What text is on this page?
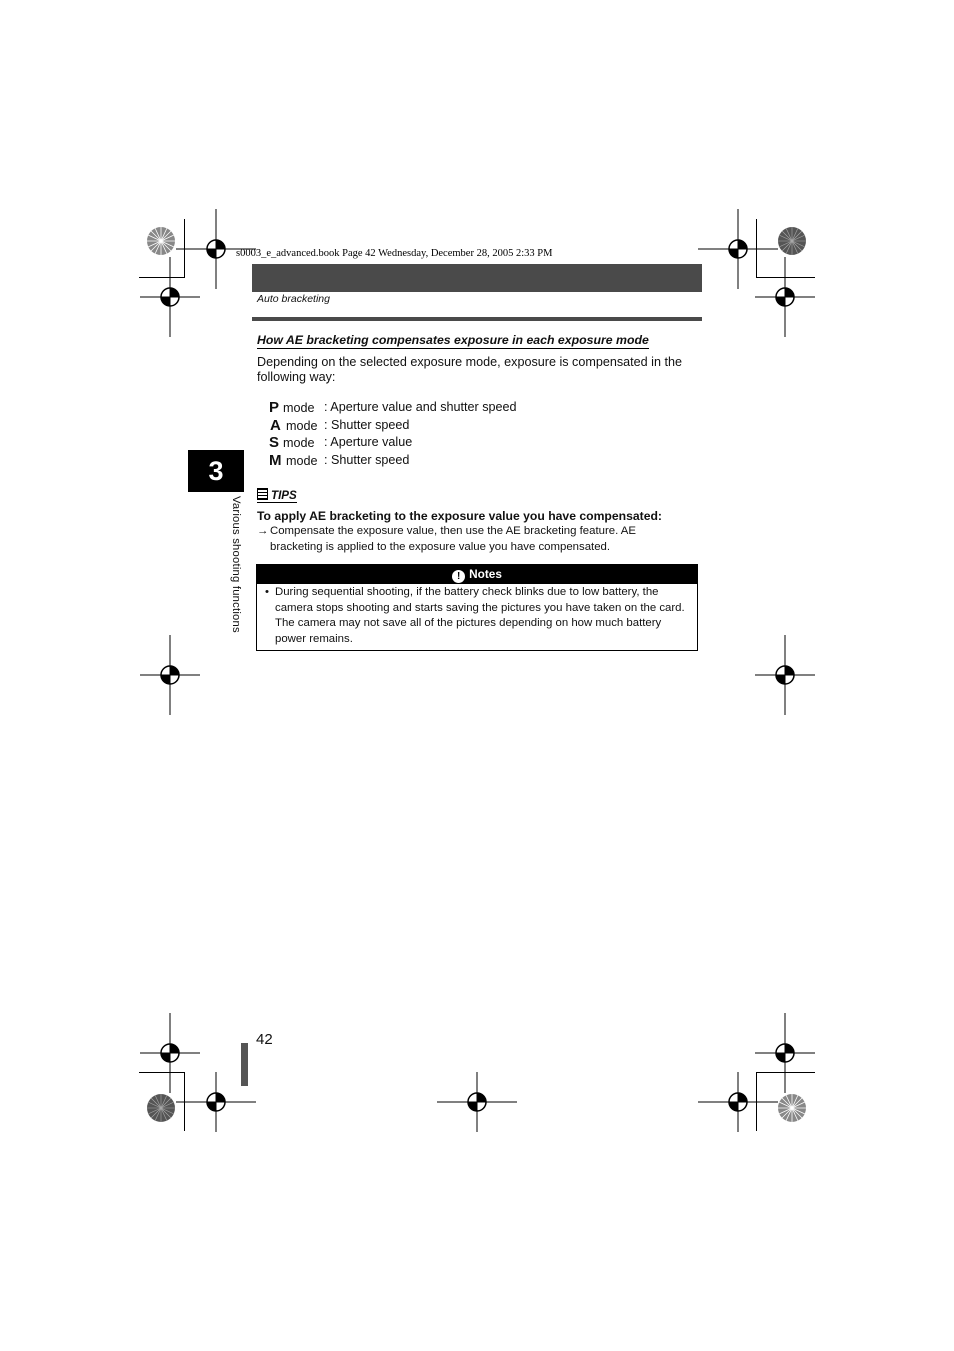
s0003_e_advanced.book Page 42 Wednesday, December 28, 2005 2:33 PM
Auto bracketing
How AE bracketing compensates exposure in each exposure mode
Depending on the selected exposure mode, exposure is compensated in the following way:
P mode : Aperture value and shutter speed
A mode : Shutter speed
S mode : Aperture value
M mode : Shutter speed
3
Various shooting functions
TIPS
To apply AE bracketing to the exposure value you have compensated:
→ Compensate the exposure value, then use the AE bracketing feature. AE bracketing is applied to the exposure value you have compensated.
! Notes
• During sequential shooting, if the battery check blinks due to low battery, the camera stops shooting and starts saving the pictures you have taken on the card. The camera may not save all of the pictures depending on how much battery power remains.
42
